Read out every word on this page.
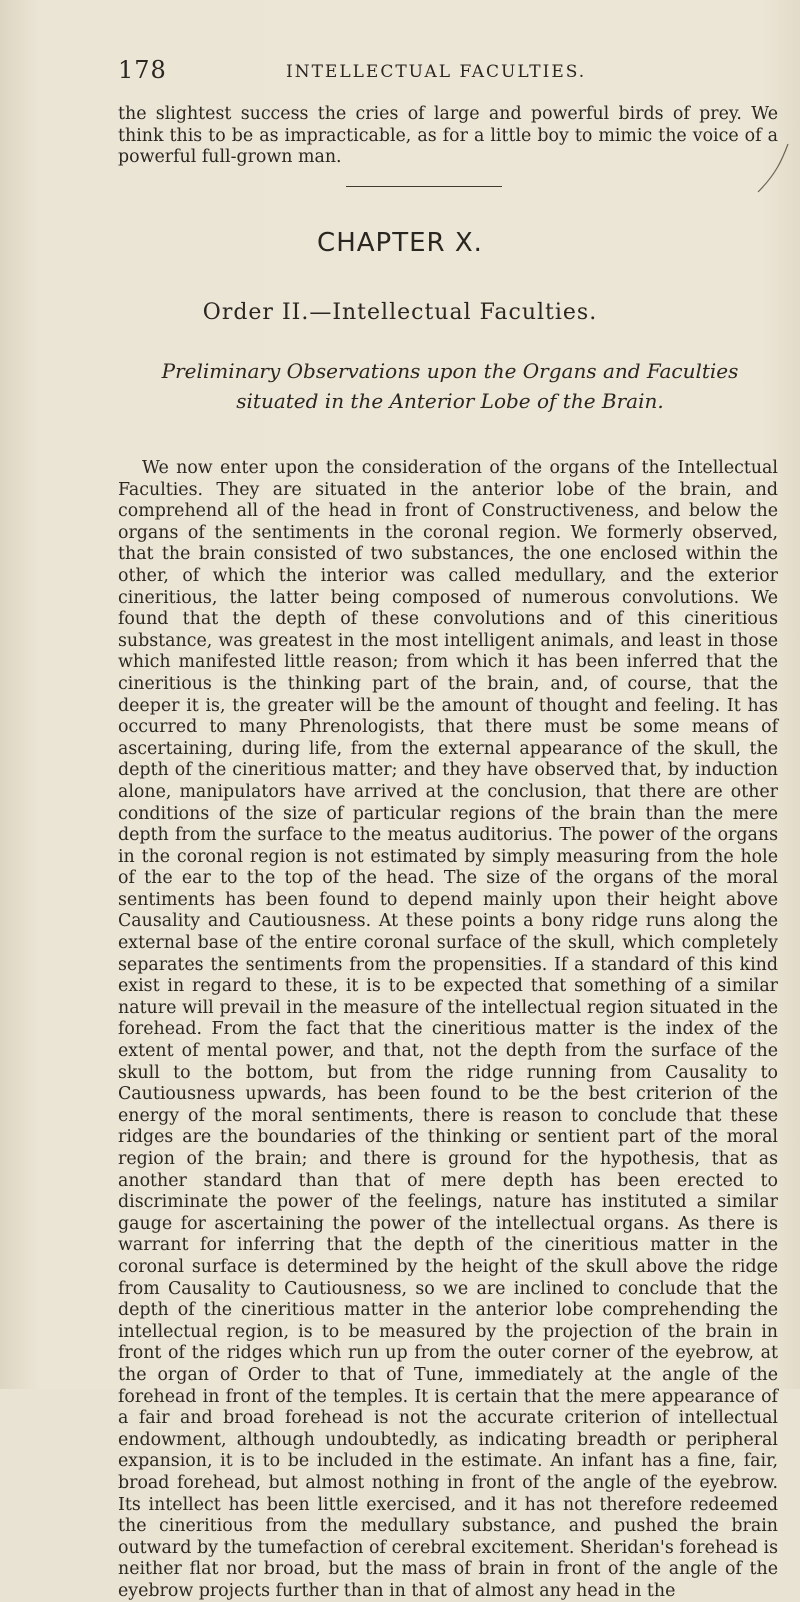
178	INTELLECTUAL FACULTIES.

the slightest success the cries of large and powerful birds of prey. We think this to be as impracticable, as for a little boy to mimic the voice of a powerful full-grown man.

CHAPTER X.
Order II.—Intellectual Faculties.
Preliminary Observations upon the Organs and Faculties situated in the Anterior Lobe of the Brain.

We now enter upon the consideration of the organs of the Intellectual Faculties. They are situated in the anterior lobe of the brain, and comprehend all of the head in front of Constructiveness, and below the organs of the sentiments in the coronal region. We formerly observed, that the brain consisted of two substances, the one enclosed within the other, of which the interior was called medullary, and the exterior cineritious, the latter being composed of numerous convolutions. We found that the depth of these convolutions and of this cineritious substance, was greatest in the most intelligent animals, and least in those which manifested little reason; from which it has been inferred that the cineritious is the thinking part of the brain, and, of course, that the deeper it is, the greater will be the amount of thought and feeling. It has occurred to many Phrenologists, that there must be some means of ascertaining, during life, from the external appearance of the skull, the depth of the cineritious matter; and they have observed that, by induction alone, manipulators have arrived at the conclusion, that there are other conditions of the size of particular regions of the brain than the mere depth from the surface to the meatus auditorius. The power of the organs in the coronal region is not estimated by simply measuring from the hole of the ear to the top of the head. The size of the organs of the moral sentiments has been found to depend mainly upon their height above Causality and Cautiousness. At these points a bony ridge runs along the external base of the entire coronal surface of the skull, which completely separates the sentiments from the propensities. If a standard of this kind exist in regard to these, it is to be expected that something of a similar nature will prevail in the measure of the intellectual region situated in the forehead. From the fact that the cineritious matter is the index of the extent of mental power, and that, not the depth from the surface of the skull to the bottom, but from the ridge running from Causality to Cautiousness upwards, has been found to be the best criterion of the energy of the moral sentiments, there is reason to conclude that these ridges are the boundaries of the thinking or sentient part of the moral region of the brain; and there is ground for the hypothesis, that as another standard than that of mere depth has been erected to discriminate the power of the feelings, nature has instituted a similar gauge for ascertaining the power of the intellectual organs. As there is warrant for inferring that the depth of the cineritious matter in the coronal surface is determined by the height of the skull above the ridge from Causality to Cautiousness, so we are inclined to conclude that the depth of the cineritious matter in the anterior lobe comprehending the intellectual region, is to be measured by the projection of the brain in front of the ridges which run up from the outer corner of the eyebrow, at the organ of Order to that of Tune, immediately at the angle of the forehead in front of the temples. It is certain that the mere appearance of a fair and broad forehead is not the accurate criterion of intellectual endowment, although undoubtedly, as indicating breadth or peripheral expansion, it is to be included in the estimate. An infant has a fine, fair, broad forehead, but almost nothing in front of the angle of the eyebrow. Its intellect has been little exercised, and it has not therefore redeemed the cineritious from the medullary substance, and pushed the brain outward by the tumefaction of cerebral excitement. Sheridan's forehead is neither flat nor broad, but the mass of brain in front of the angle of the eyebrow projects further than in that of almost any head in the
